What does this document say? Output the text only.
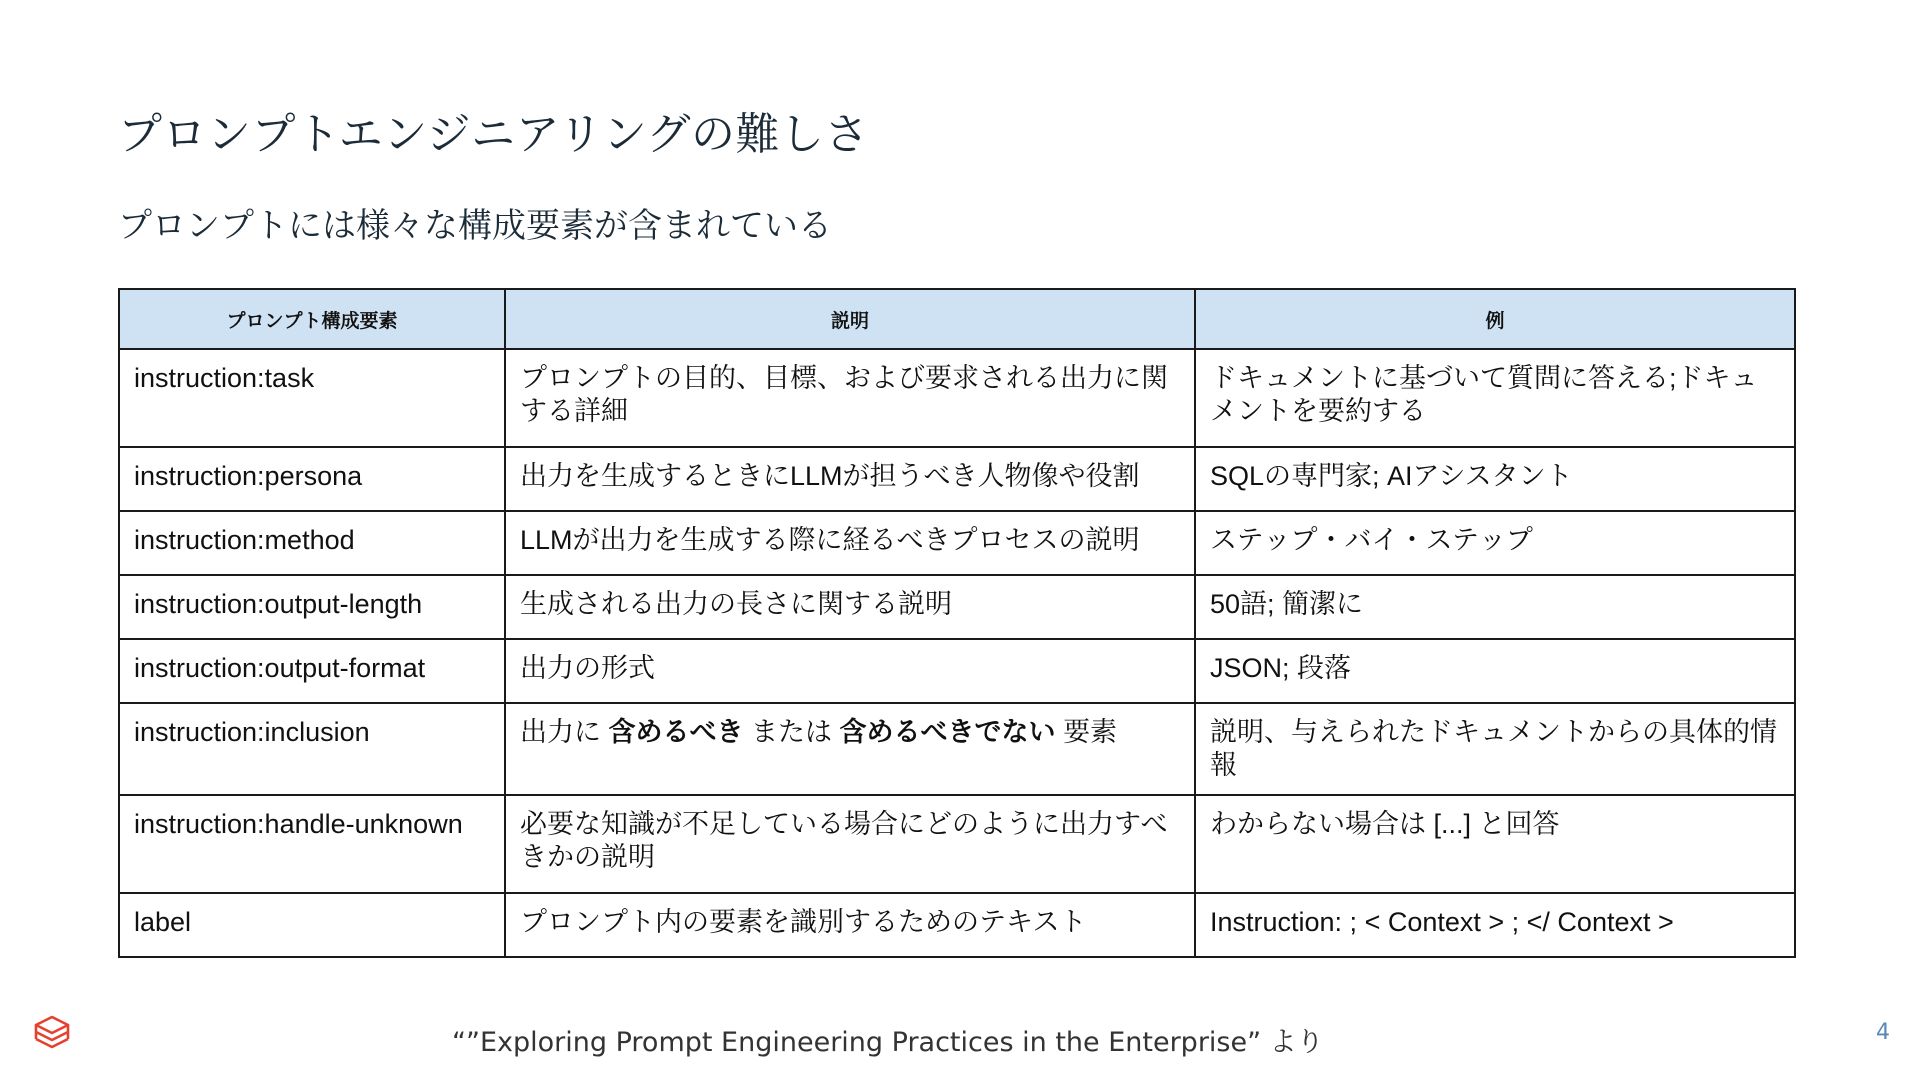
プロンプトエンジニアリングの難しさ
プロンプトには様々な構成要素が含まれている
プロンプト構成要素	説明	例
instruction:task	プロンプトの目的、目標、および要求される出力に関する詳細	ドキュメントに基づいて質問に答える;ドキュメントを要約する
instruction:persona	出力を生成するときにLLMが担うべき人物像や役割	SQLの専門家; AIアシスタント
instruction:method	LLMが出力を生成する際に経るべきプロセスの説明	ステップ・バイ・ステップ
instruction:output-length	生成される出力の長さに関する説明	50語; 簡潔に
instruction:output-format	出力の形式	JSON; 段落
instruction:inclusion	出力に 含めるべき または 含めるべきでない 要素	説明、与えられたドキュメントからの具体的情報
instruction:handle-unknown	必要な知識が不足している場合にどのように出力すべきかの説明	わからない場合は [...] と回答
label	プロンプト内の要素を識別するためのテキスト	Instruction: ; < Context > ; </ Context >
“”Exploring Prompt Engineering Practices in the Enterprise” より	4
